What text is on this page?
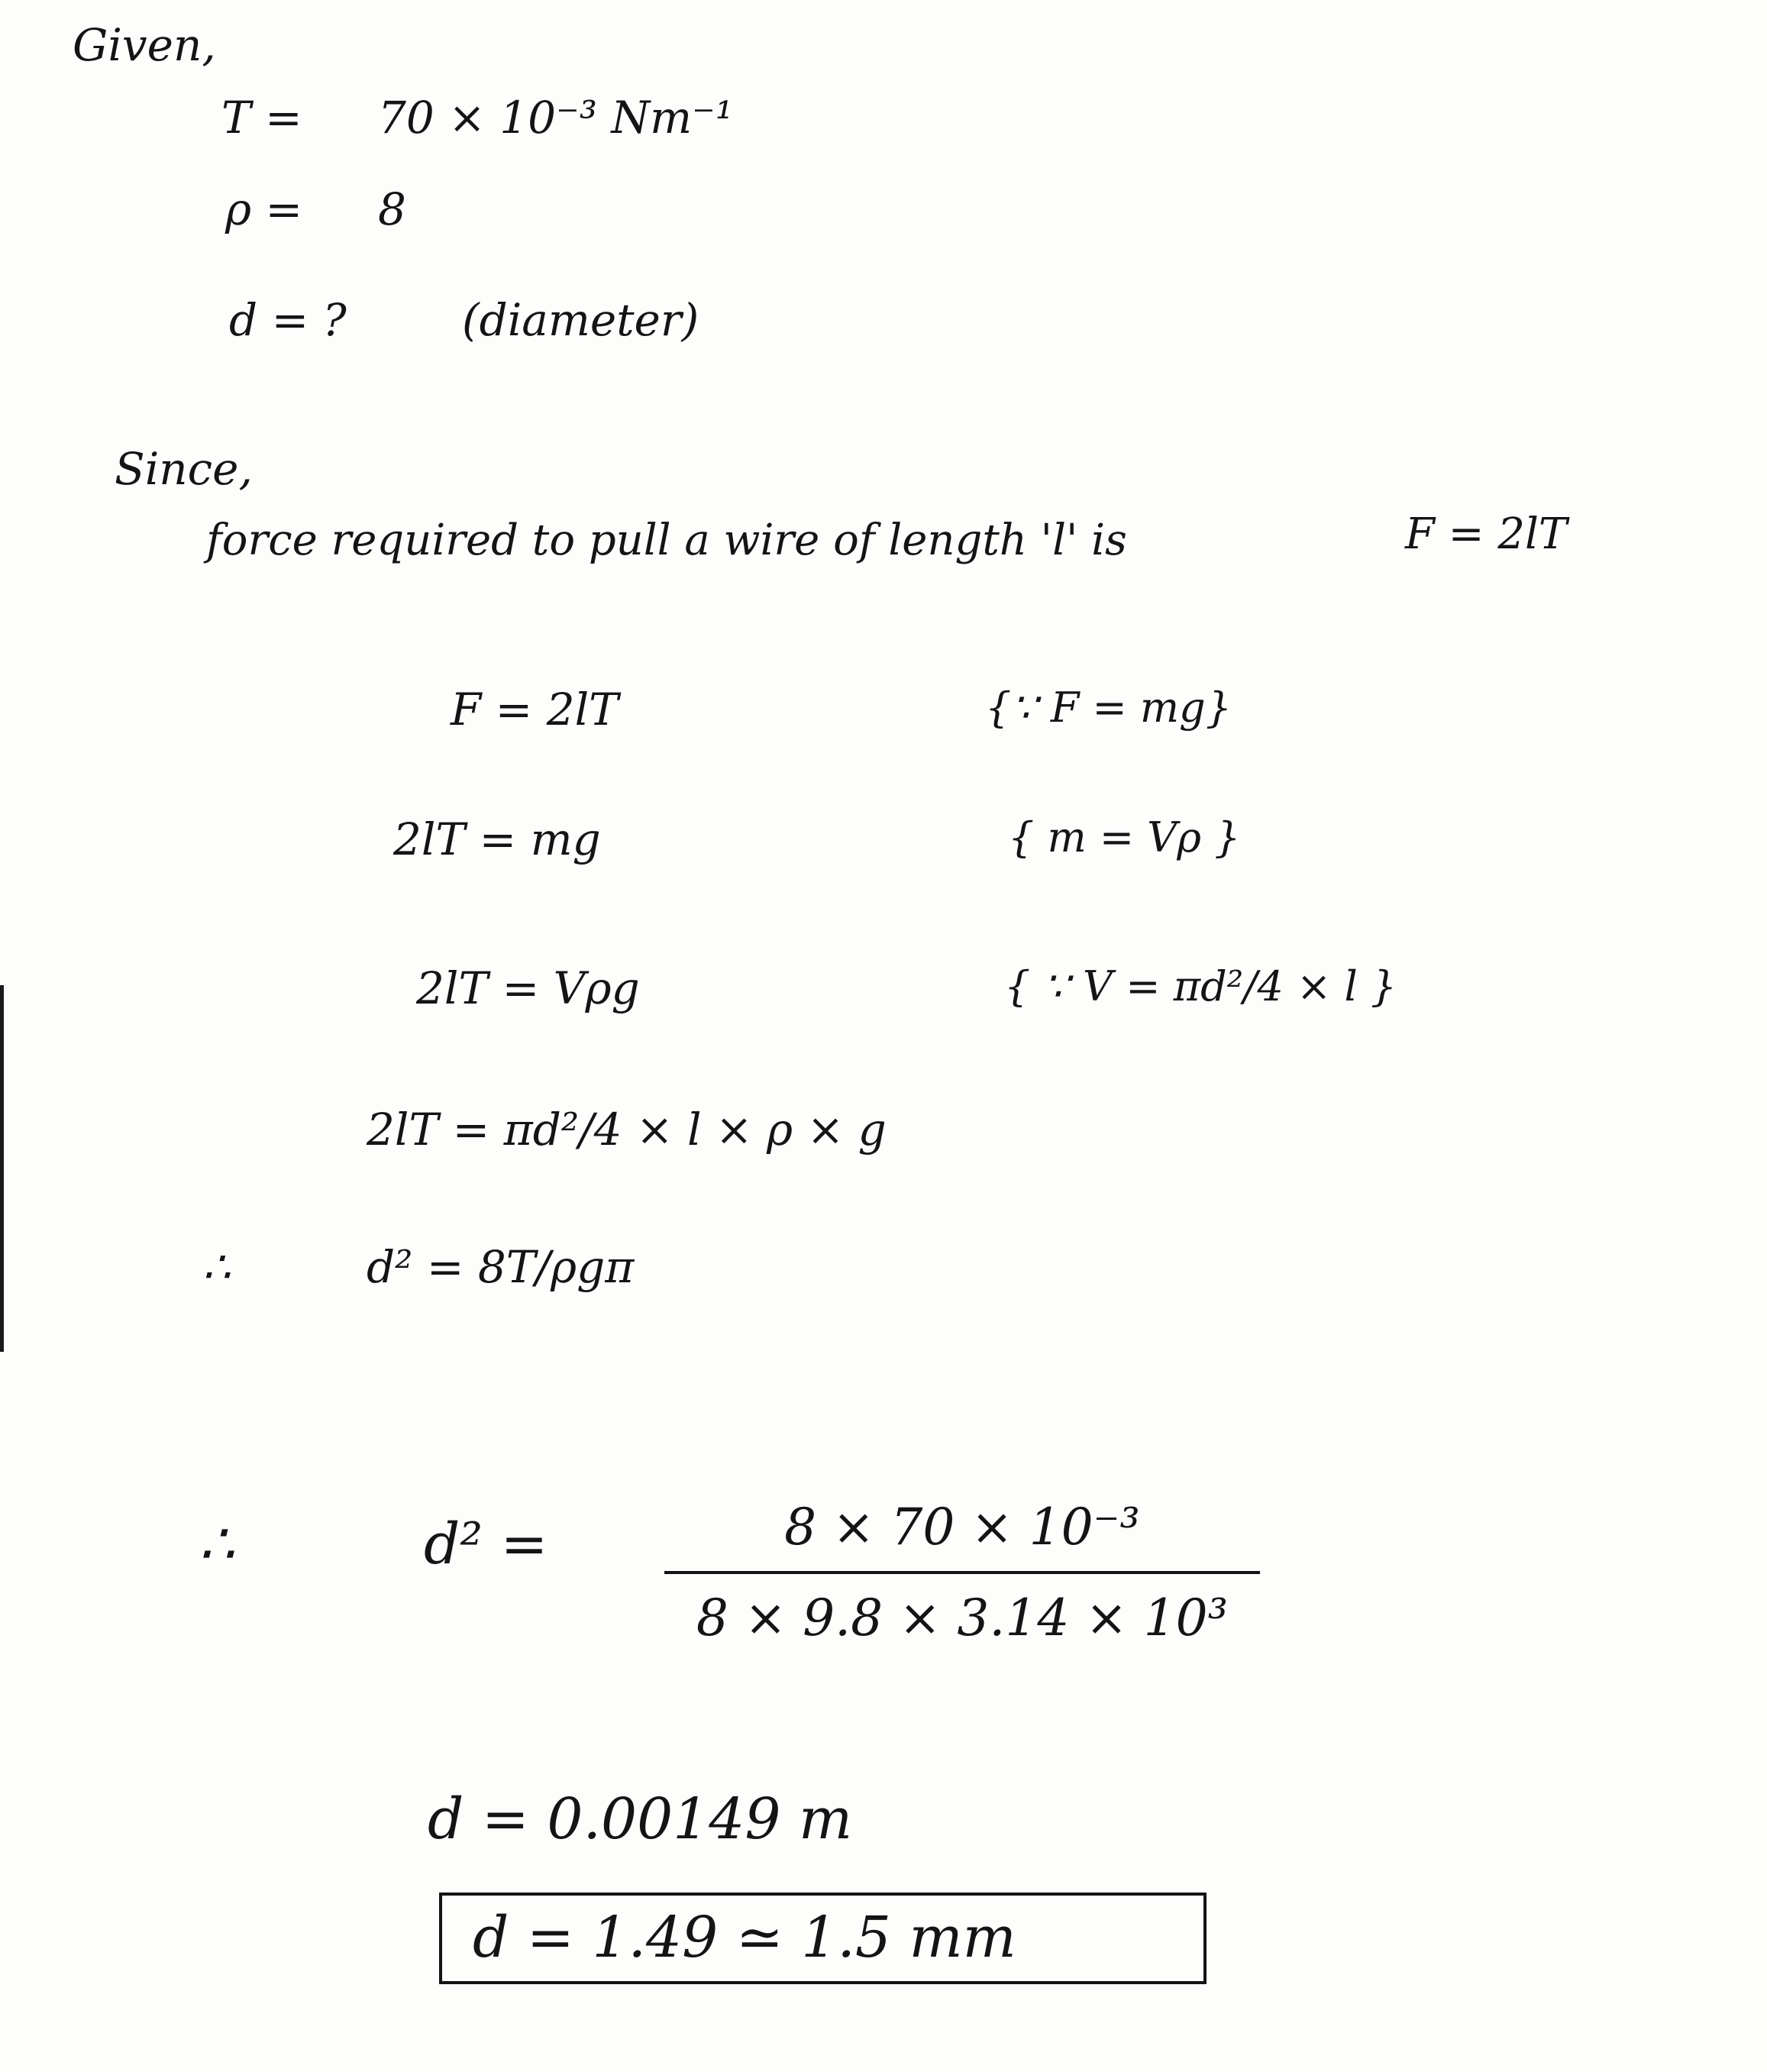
Given,
T = 70 × 10⁻³ Nm⁻¹
ρ = 8
d = ?	(diameter)
Since,
force required to pull a wire of length 'l' is	F = 2lT
F = 2lT	{∵ F = mg}
2lT = mg	{ m = Vρ }
2lT = Vρg	{ ∵ V = πd²/4 × l }
2lT = πd²/4 × l × ρ × g
∴	d² = 8T/ρgπ
∴	d² =	8 × 70 × 10⁻³
8 × 9.8 × 3.14 × 10³
d = 0.00149 m
d = 1.49 ≃ 1.5 mm
